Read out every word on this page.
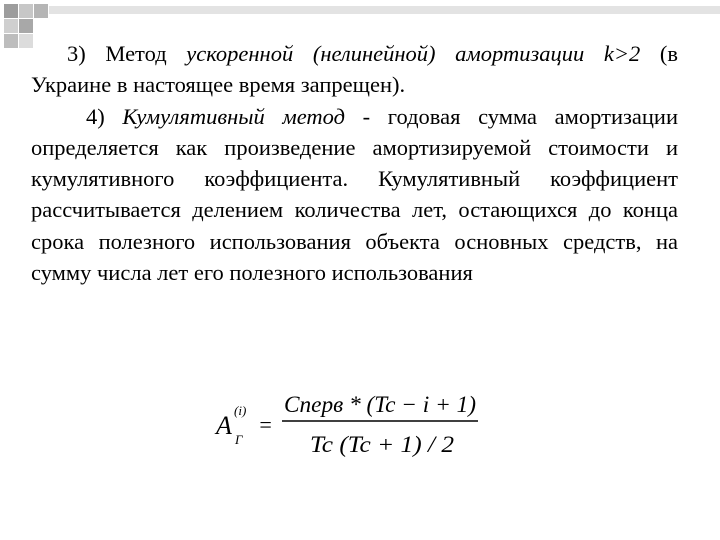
3) Метод ускоренной (нелинейной) амортизации k>2 (в Украине в настоящее время запрещен).

4) Кумулятивный метод - годовая сумма амортизации определяется как произведение амортизируемой стоимости и кумулятивного коэффициента. Кумулятивный коэффициент рассчитывается делением количества лет, остающихся до конца срока полезного использования объекта основных средств, на сумму числа лет его полезного использования

A
(i)
Г
=
Cперв * (Tc − i + 1)
Tc (Tc + 1) / 2
